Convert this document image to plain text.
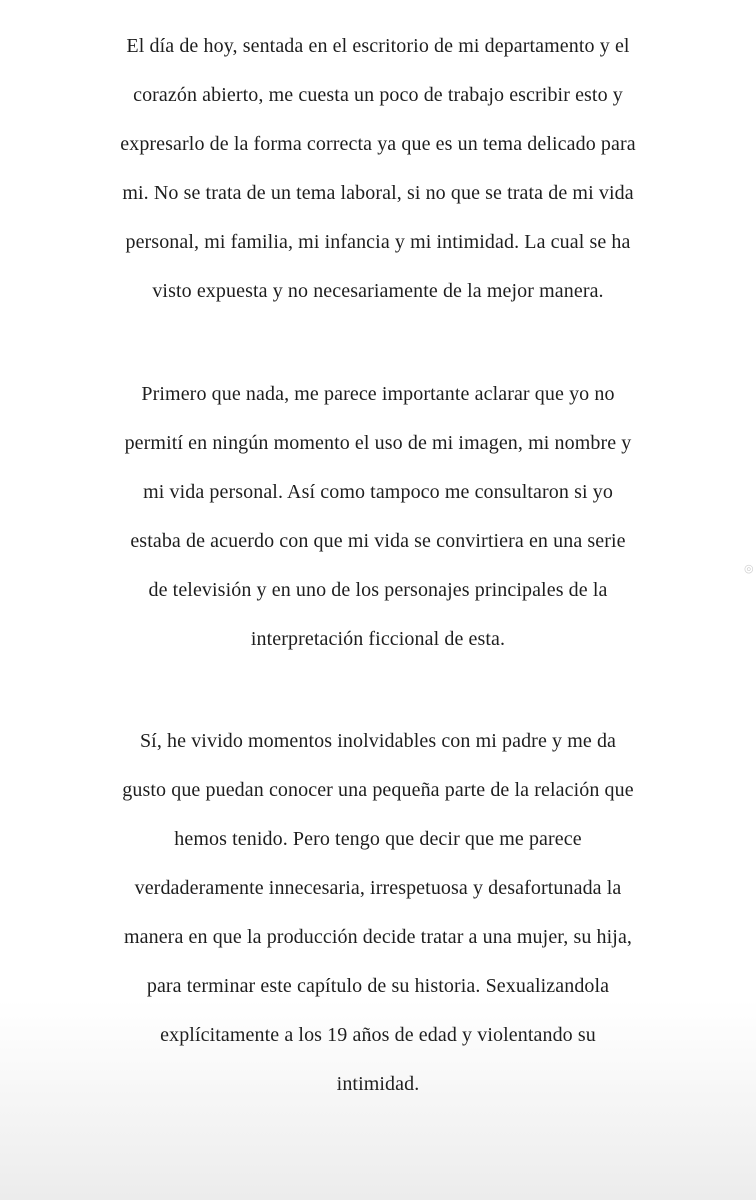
El día de hoy, sentada en el escritorio de mi departamento y el
corazón abierto, me cuesta un poco de trabajo escribir esto y
expresarlo de la forma correcta ya que es un tema delicado para
mi. No se trata de un tema laboral, si no que se trata de mi vida
personal, mi familia, mi infancia y mi intimidad. La cual se ha
visto expuesta y no necesariamente de la mejor manera.

Primero que nada, me parece importante aclarar que yo no
permití en ningún momento el uso de mi imagen, mi nombre y
mi vida personal. Así como tampoco me consultaron si yo
estaba de acuerdo con que mi vida se convirtiera en una serie
de televisión y en uno de los personajes principales de la
interpretación ficcional de esta.

Sí, he vivido momentos inolvidables con mi padre y me da
gusto que puedan conocer una pequeña parte de la relación que
hemos tenido. Pero tengo que decir que me parece
verdaderamente innecesaria, irrespetuosa y desafortunada la
manera en que la producción decide tratar a una mujer, su hija,
para terminar este capítulo de su historia. Sexualizandola
explícitamente a los 19 años de edad y violentando su
intimidad.

◎
